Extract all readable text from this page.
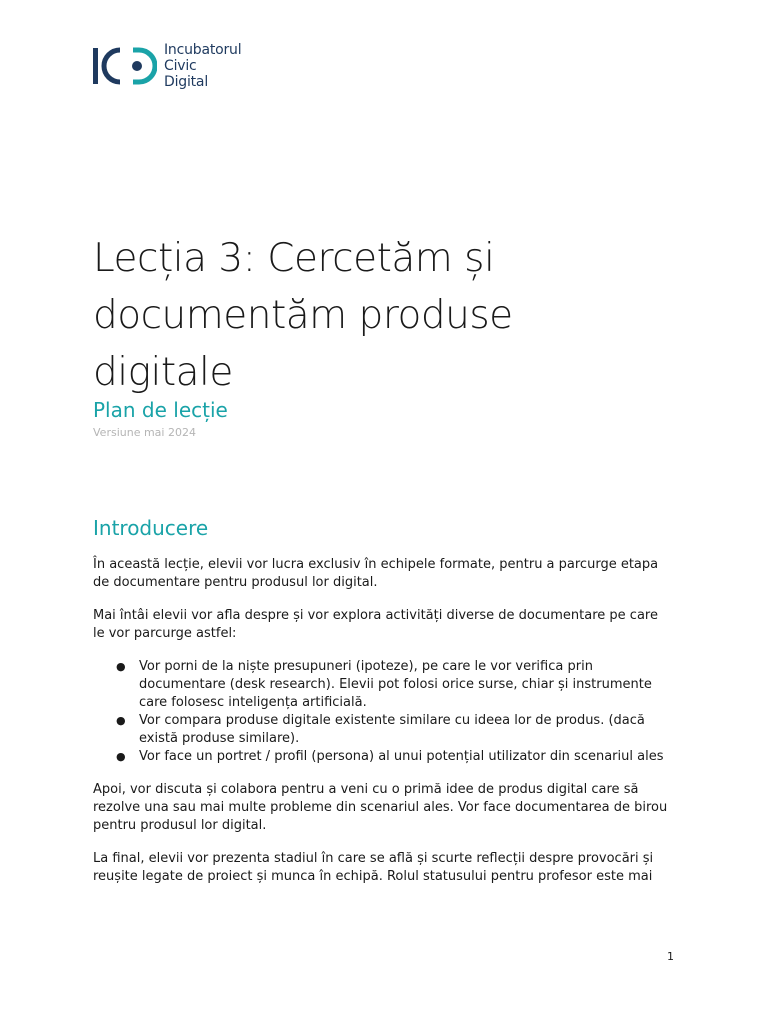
Incubatorul
Civic
Digital
Lecția 3: Cercetăm și documentăm produse digitale
Plan de lecție
Versiune mai 2024
Introducere

În această lecție, elevii vor lucra exclusiv în echipele formate, pentru a parcurge etapa de documentare pentru produsul lor digital.

Mai întâi elevii vor afla despre și vor explora activități diverse de documentare pe care le vor parcurge astfel:

● Vor porni de la niște presupuneri (ipoteze), pe care le vor verifica prin documentare (desk research). Elevii pot folosi orice surse, chiar și instrumente care folosesc inteligența artificială.
● Vor compara produse digitale existente similare cu ideea lor de produs. (dacă există produse similare).
● Vor face un portret / profil (persona) al unui potențial utilizator din scenariul ales

Apoi, vor discuta și colabora pentru a veni cu o primă idee de produs digital care să rezolve una sau mai multe probleme din scenariul ales. Vor face documentarea de birou pentru produsul lor digital.

La final, elevii vor prezenta stadiul în care se află și scurte reflecții despre provocări și reușite legate de proiect și munca în echipă. Rolul statusului pentru profesor este mai

1
